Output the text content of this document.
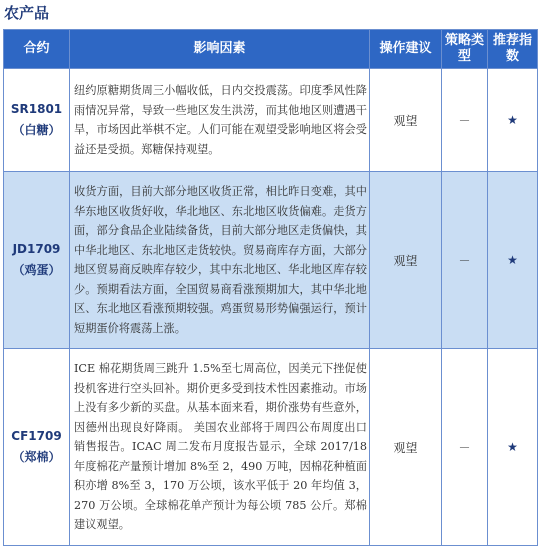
农产品
合约	影响因素	操作建议	策略类型	推荐指数

SR1801
（白糖）	纽约原糖期货周三小幅收低，日内交投震荡。印度季风性降雨情况异常，导致一些地区发生洪涝，而其他地区则遭遇干旱，市场因此举棋不定。人们可能在观望受影响地区将会受益还是受损。郑糖保持观望。	观望	－	★

JD1709
（鸡蛋）	收货方面，目前大部分地区收货正常，相比昨日变难，其中华东地区收货好收，华北地区、东北地区收货偏难。走货方面，部分食品企业陆续备货，目前大部分地区走货偏快，其中华北地区、东北地区走货较快。贸易商库存方面，大部分地区贸易商反映库存较少，其中东北地区、华北地区库存较少。预期看法方面，全国贸易商看涨预期加大，其中华北地区、东北地区看涨预期较强。鸡蛋贸易形势偏强运行，预计短期蛋价将震荡上涨。	观望	－	★

CF1709
（郑棉）	ICE 棉花期货周三跳升 1.5%至七周高位，因美元下挫促使投机客进行空头回补。期价更多受到技术性因素推动。市场上没有多少新的买盘。从基本面来看，期价涨势有些意外，因德州出现良好降雨。 美国农业部将于周四公布周度出口销售报告。ICAC 周二发布月度报告显示，全球 2017/18 年度棉花产量预计增加 8%至 2，490 万吨，因棉花种植面积亦增 8%至 3，170 万公顷，该水平低于 20 年均值 3，270 万公顷。全球棉花单产预计为每公顷 785 公斤。郑棉建议观望。	观望	－	★
